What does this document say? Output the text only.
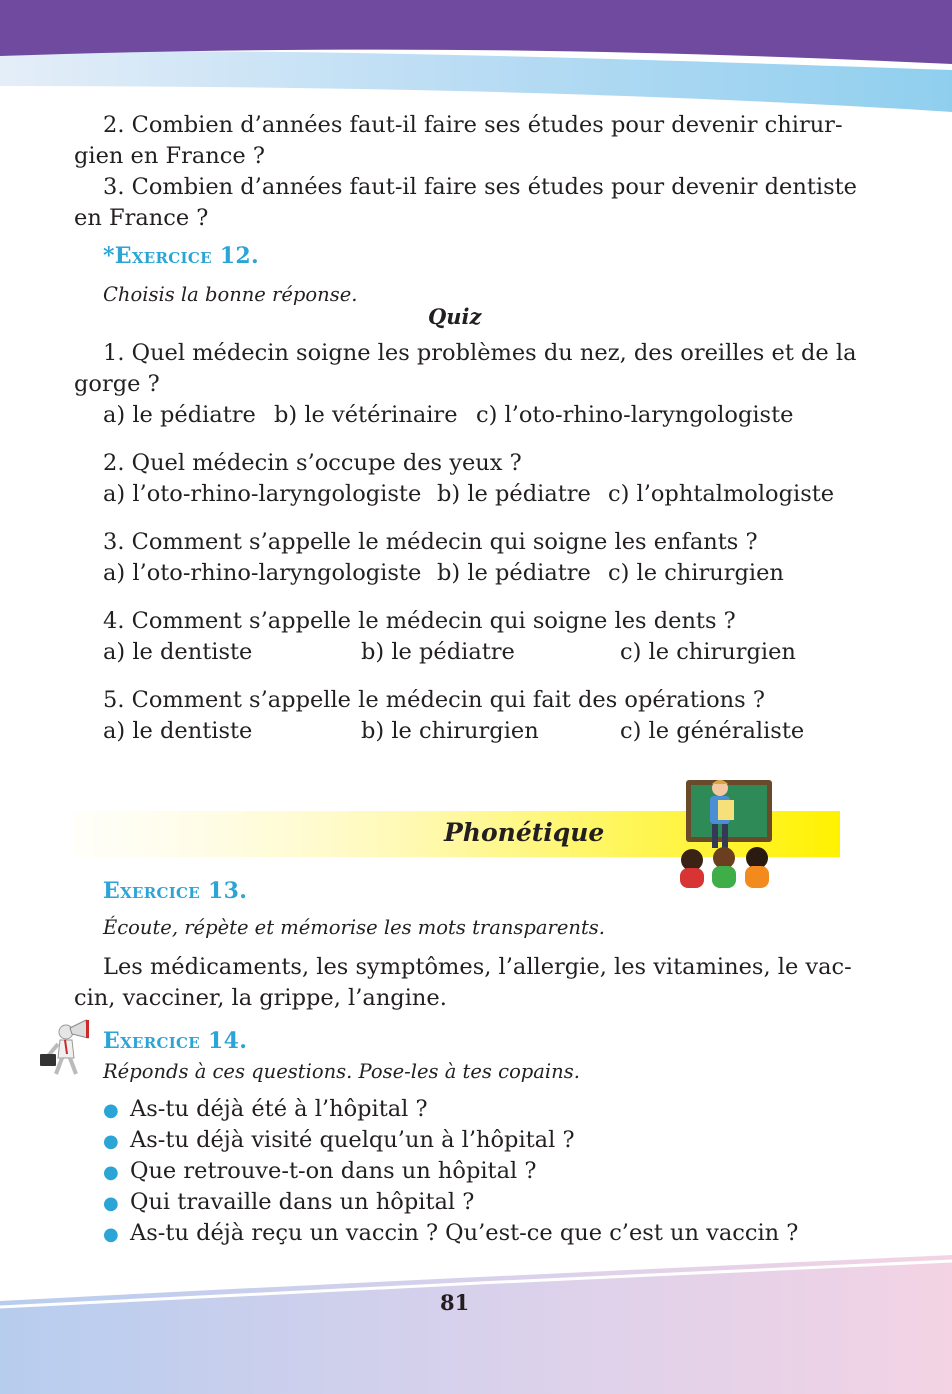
2. Combien d’années faut-il faire ses études pour devenir chirur-
gien en France ?
3. Combien d’années faut-il faire ses études pour devenir dentiste
en France ?
*Exercice 12.
Choisis la bonne réponse.
Quiz
1. Quel médecin soigne les problèmes du nez, des oreilles et de la
gorge ?
a) le pédiatre b) le vétérinaire c) l’oto-rhino-laryngologiste
2. Quel médecin s’occupe des yeux ?
a) l’oto-rhino-laryngologiste b) le pédiatre c) l’ophtalmologiste
3. Comment s’appelle le médecin qui soigne les enfants ?
a) l’oto-rhino-laryngologiste b) le pédiatre c) le chirurgien
4. Comment s’appelle le médecin qui soigne les dents ?
a) le dentiste	b) le pédiatre	c) le chirurgien
5. Comment s’appelle le médecin qui fait des opérations ?
a) le dentiste	b) le chirurgien	c) le généraliste
Phonétique
Exercice 13.
Écoute, répète et mémorise les mots transparents.
Les médicaments, les symptômes, l’allergie, les vitamines, le vac-
cin, vacciner, la grippe, l’angine.
Exercice 14.
Réponds à ces questions. Pose-les à tes copains.
● As-tu déjà été à l’hôpital ?
● As-tu déjà visité quelqu’un à l’hôpital ?
● Que retrouve-t-on dans un hôpital ?
● Qui travaille dans un hôpital ?
● As-tu déjà reçu un vaccin ? Qu’est-ce que c’est un vaccin ?
81
